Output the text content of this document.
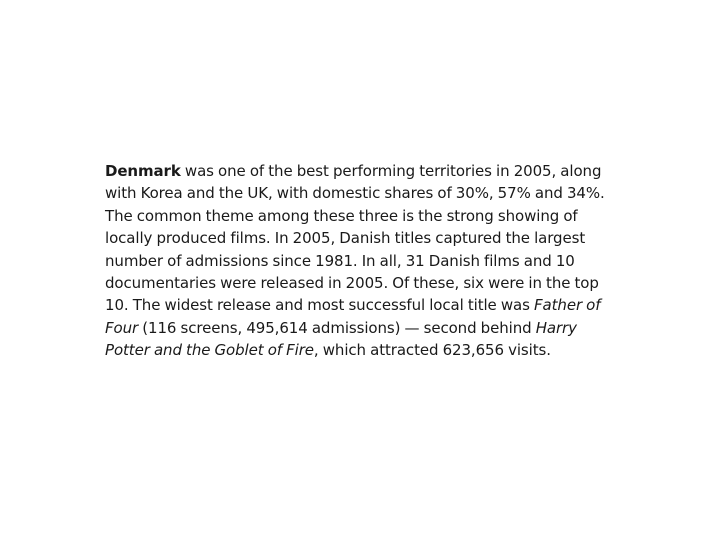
Denmark was one of the best performing territories in 2005, along with Korea and the UK, with domestic shares of 30%, 57% and 34%. The common theme among these three is the strong showing of locally produced films. In 2005, Danish titles captured the largest number of admissions since 1981. In all, 31 Danish films and 10 documentaries were released in 2005. Of these, six were in the top 10. The widest release and most successful local title was Father of Four (116 screens, 495,614 admissions) — second behind Harry Potter and the Goblet of Fire, which attracted 623,656 visits.
